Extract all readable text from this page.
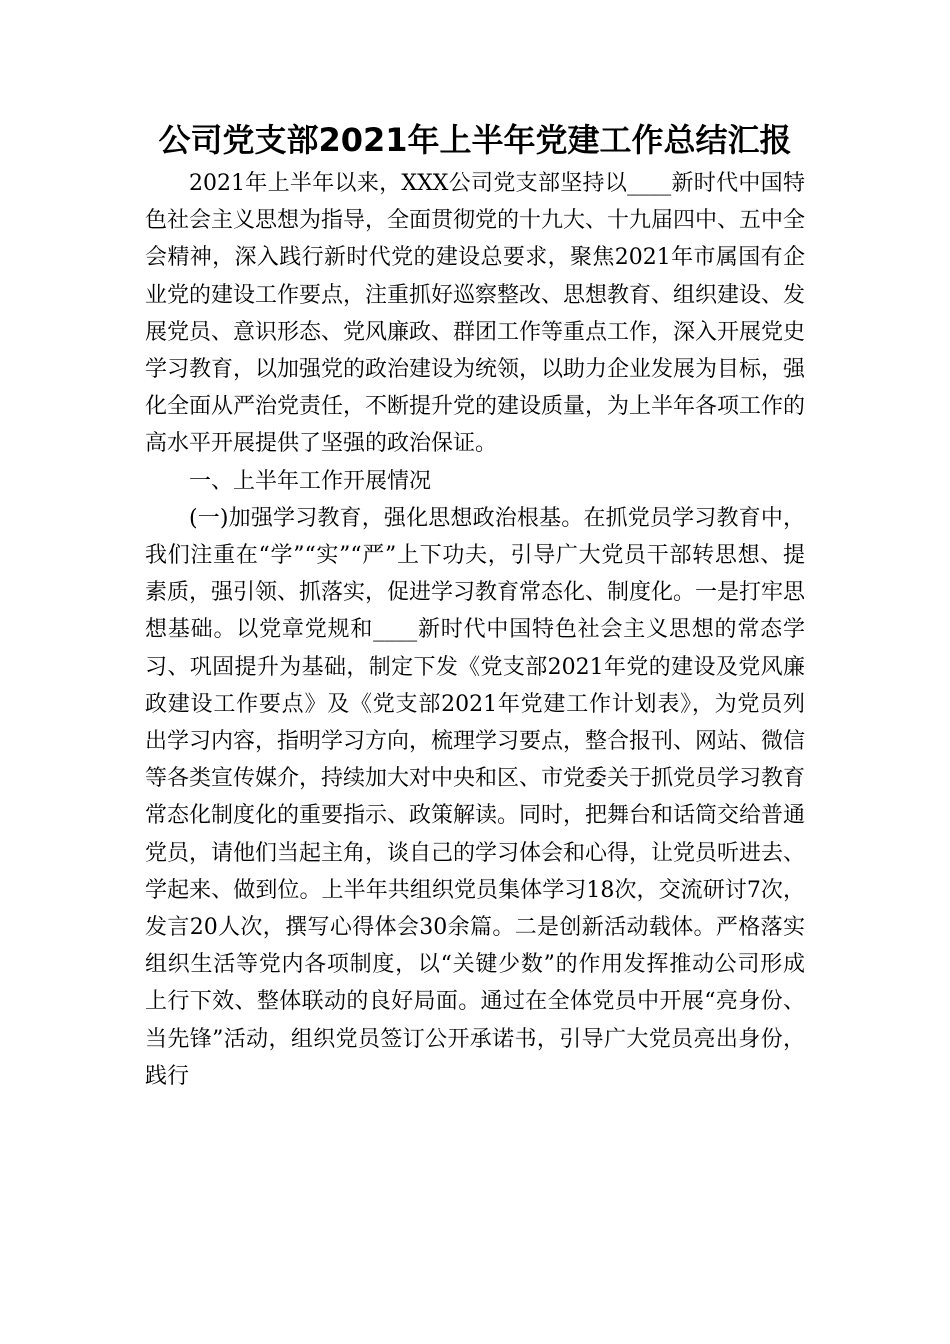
公司党支部2021年上半年党建工作总结汇报

2021年上半年以来，XXX公司党支部坚持以____新时代中国特色社会主义思想为指导，全面贯彻党的十九大、十九届四中、五中全会精神，深入践行新时代党的建设总要求，聚焦2021年市属国有企业党的建设工作要点，注重抓好巡察整改、思想教育、组织建设、发展党员、意识形态、党风廉政、群团工作等重点工作，深入开展党史学习教育，以加强党的政治建设为统领，以助力企业发展为目标，强化全面从严治党责任，不断提升党的建设质量，为上半年各项工作的高水平开展提供了坚强的政治保证。

一、上半年工作开展情况

(一)加强学习教育，强化思想政治根基。在抓党员学习教育中，我们注重在“学”“实”“严”上下功夫，引导广大党员干部转思想、提素质，强引领、抓落实，促进学习教育常态化、制度化。一是打牢思想基础。以党章党规和____新时代中国特色社会主义思想的常态学习、巩固提升为基础，制定下发《党支部2021年党的建设及党风廉政建设工作要点》及《党支部2021年党建工作计划表》，为党员列出学习内容，指明学习方向，梳理学习要点，整合报刊、网站、微信等各类宣传媒介，持续加大对中央和区、市党委关于抓党员学习教育常态化制度化的重要指示、政策解读。同时，把舞台和话筒交给普通党员，请他们当起主角，谈自己的学习体会和心得，让党员听进去、学起来、做到位。上半年共组织党员集体学习18次，交流研讨7次，发言20人次，撰写心得体会30余篇。二是创新活动载体。严格落实组织生活等党内各项制度，以“关键少数”的作用发挥推动公司形成上行下效、整体联动的良好局面。通过在全体党员中开展“亮身份、当先锋”活动，组织党员签订公开承诺书，引导广大党员亮出身份，践行
